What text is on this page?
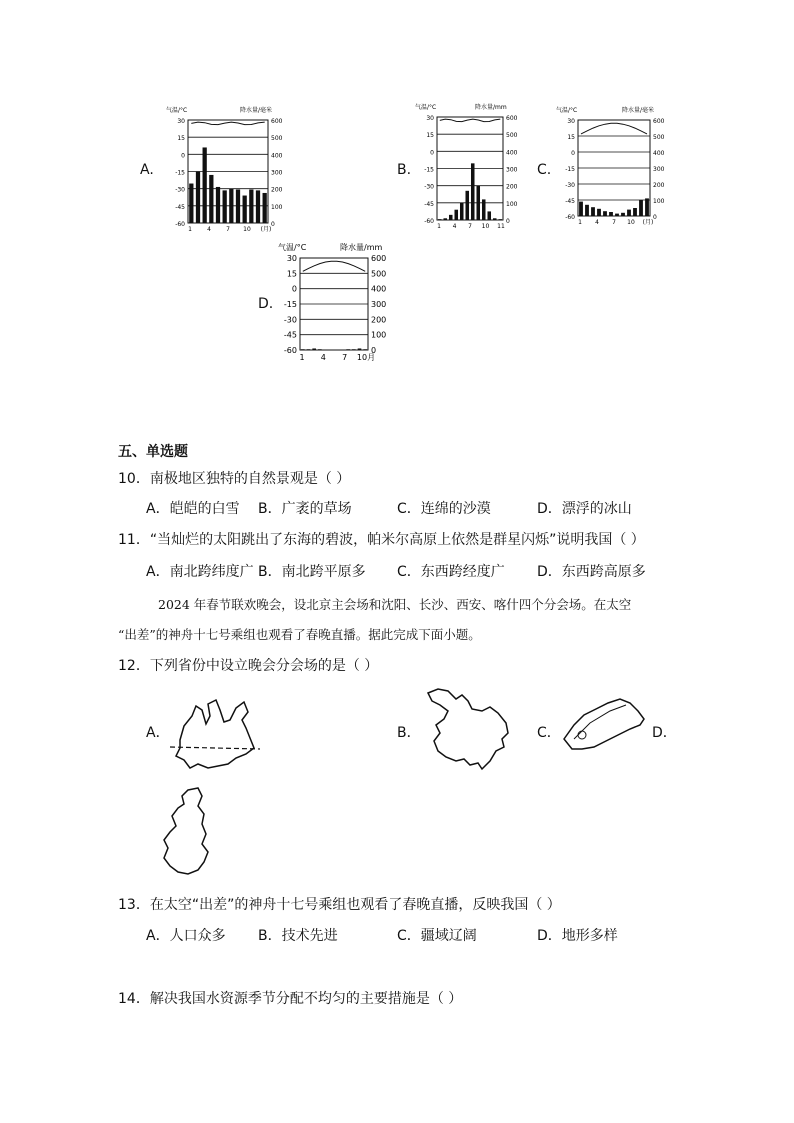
A.
气温/°C	降水量/毫米
30	600
15	500
0	400
-15	300
-30	200
-45	100
-60	0
1	4	7 10 (月)
B.
气温/°C	降水量/mm
30	600
15	500
0	400
-15	300
-30	200
-45	100
-60	0
1 4 7 10 11
C.
气温/°C	降水量/毫米
30	600
15	500
0	400
-15	300
-30	200
-45	100
-60	0
1 4 7 10 (月)
D.
气温/°C	降水量/mm
30	600
15	500
0	400
-15	300
-30	200
-45	100
-60	0
1 4 7 10月
五、单选题
10．南极地区独特的自然景观是（ ）
A．皑皑的白雪 B．广袤的草场	C．连绵的沙漠	D．漂浮的冰山
11．“当灿烂的太阳跳出了东海的碧波，帕米尔高原上依然是群星闪烁”说明我国（ ）
A．南北跨纬度广 B．南北跨平原多 C．东西跨经度广 D．东西跨高原多
2024 年春节联欢晚会，设北京主会场和沈阳、长沙、西安、喀什四个分会场。在太空
“出差”的神舟十七号乘组也观看了春晚直播。据此完成下面小题。
12．下列省份中设立晚会分会场的是（ ）
A．	B．	C．	D．
13．在太空“出差”的神舟十七号乘组也观看了春晚直播，反映我国（ ）
A．人口众多 B．技术先进	C．疆域辽阔	D．地形多样
14．解决我国水资源季节分配不均匀的主要措施是（ ）
